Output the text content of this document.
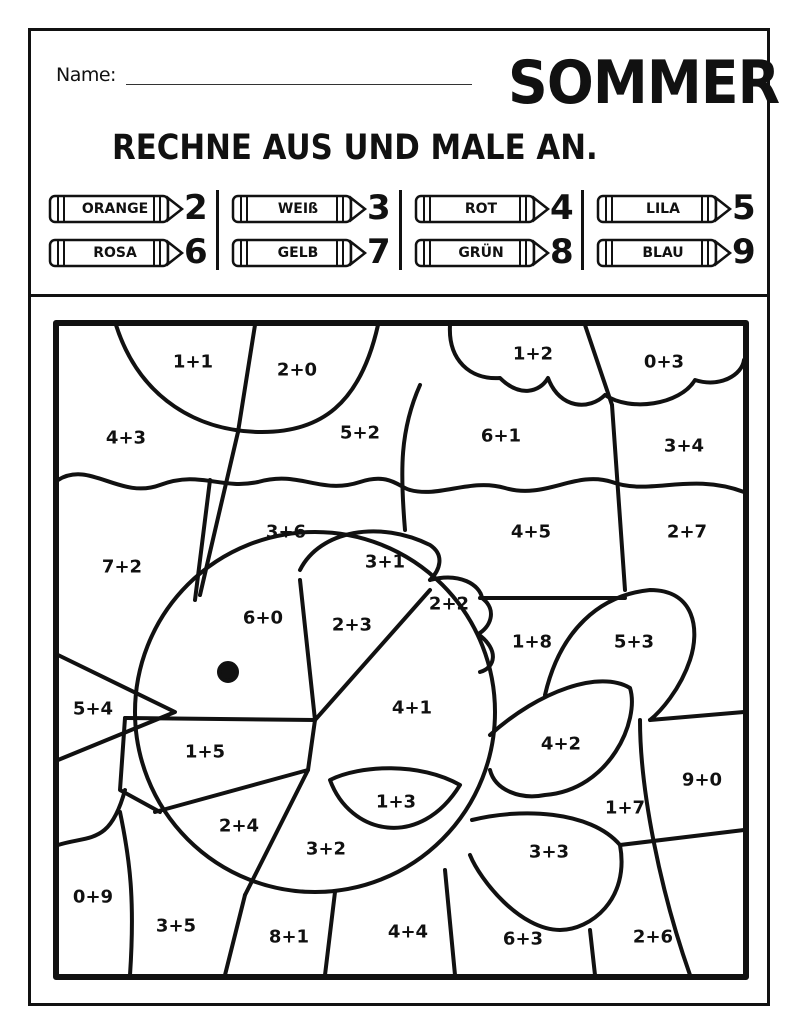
Name:	SOMMER
RECHNE AUS UND MALE AN.
ORANGE 2	WEIß	3	ROT	4	LILA	5
ROSA	6	GELB	7	GRÜN	8	BLAU	9
1+1	2+0
1+2	0+3
4+3	5+2	6+1	3+4
3+6	4+5	2+7
7+2	3+1
2+2
6+0	2+3
1+8	5+3
5+4	4+1
4+2
1+5
9+0
1+3	1+7
2+4
3+2	3+3
0+9
3+5
8+1	4+4	6+3	2+6
